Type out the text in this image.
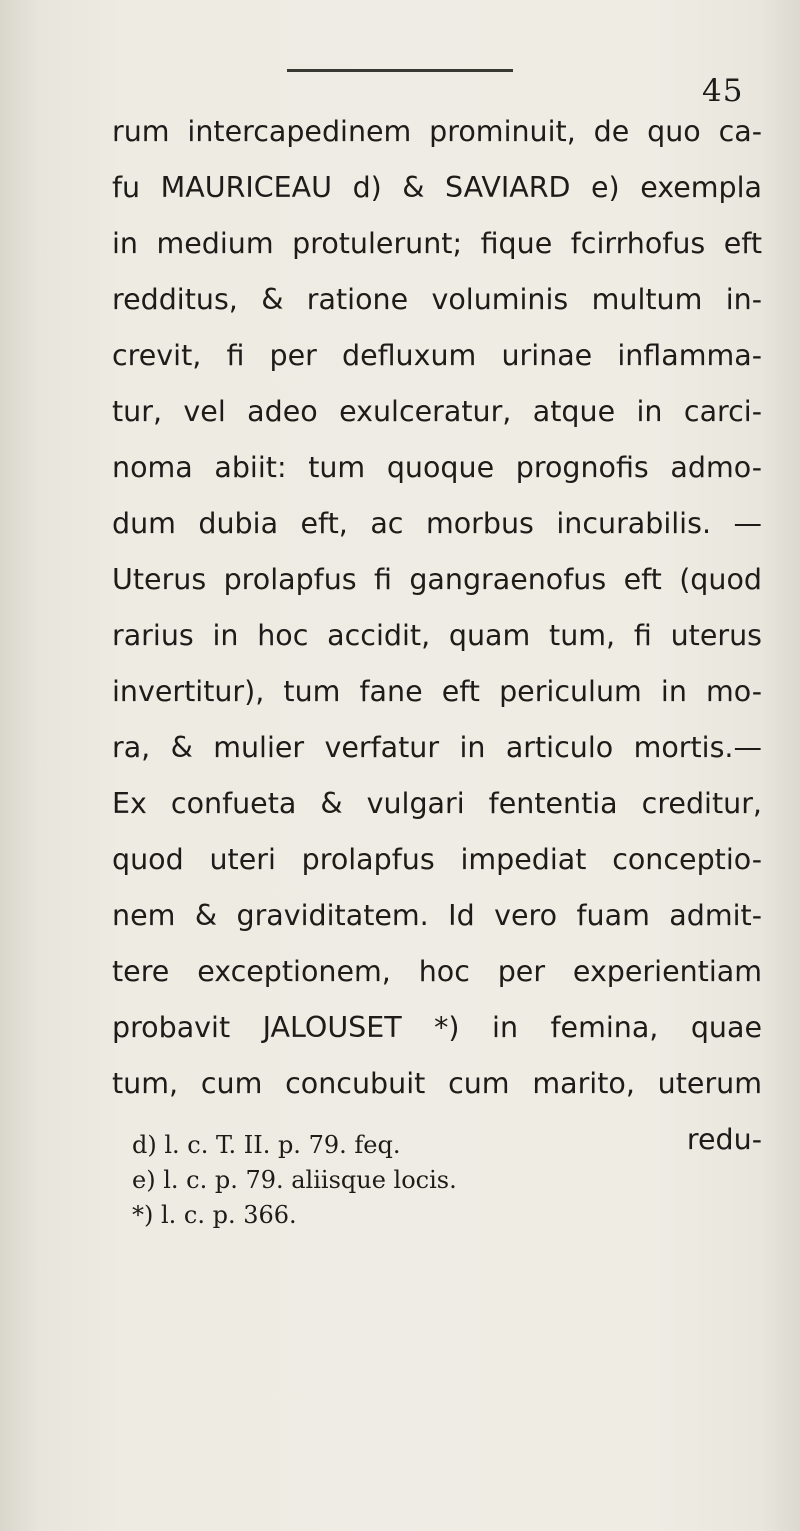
45
rum intercapedinem prominuit, de quo ca-
fu MAURICEAU d) & SAVIARD e) exempla
in medium protulerunt; fique fcirrhofus eft
redditus, & ratione voluminis multum in-
crevit, fi per defluxum urinae inflamma-
tur, vel adeo exulceratur, atque in carci-
noma abiit: tum quoque prognofis admo-
dum dubia eft, ac morbus incurabilis. —
Uterus prolapfus fi gangraenofus eft (quod
rarius in hoc accidit, quam tum, fi uterus
invertitur), tum fane eft periculum in mo-
ra, & mulier verfatur in articulo mortis.—
Ex confueta & vulgari fententia creditur,
quod uteri prolapfus impediat conceptio-
nem & graviditatem. Id vero fuam admit-
tere exceptionem, hoc per experientiam
probavit JALOUSET *) in femina, quae
tum, cum concubuit cum marito, uterum
redu-
d) l. c. T. II. p. 79. feq.
e) l. c. p. 79. aliisque locis.
*) l. c. p. 366.
